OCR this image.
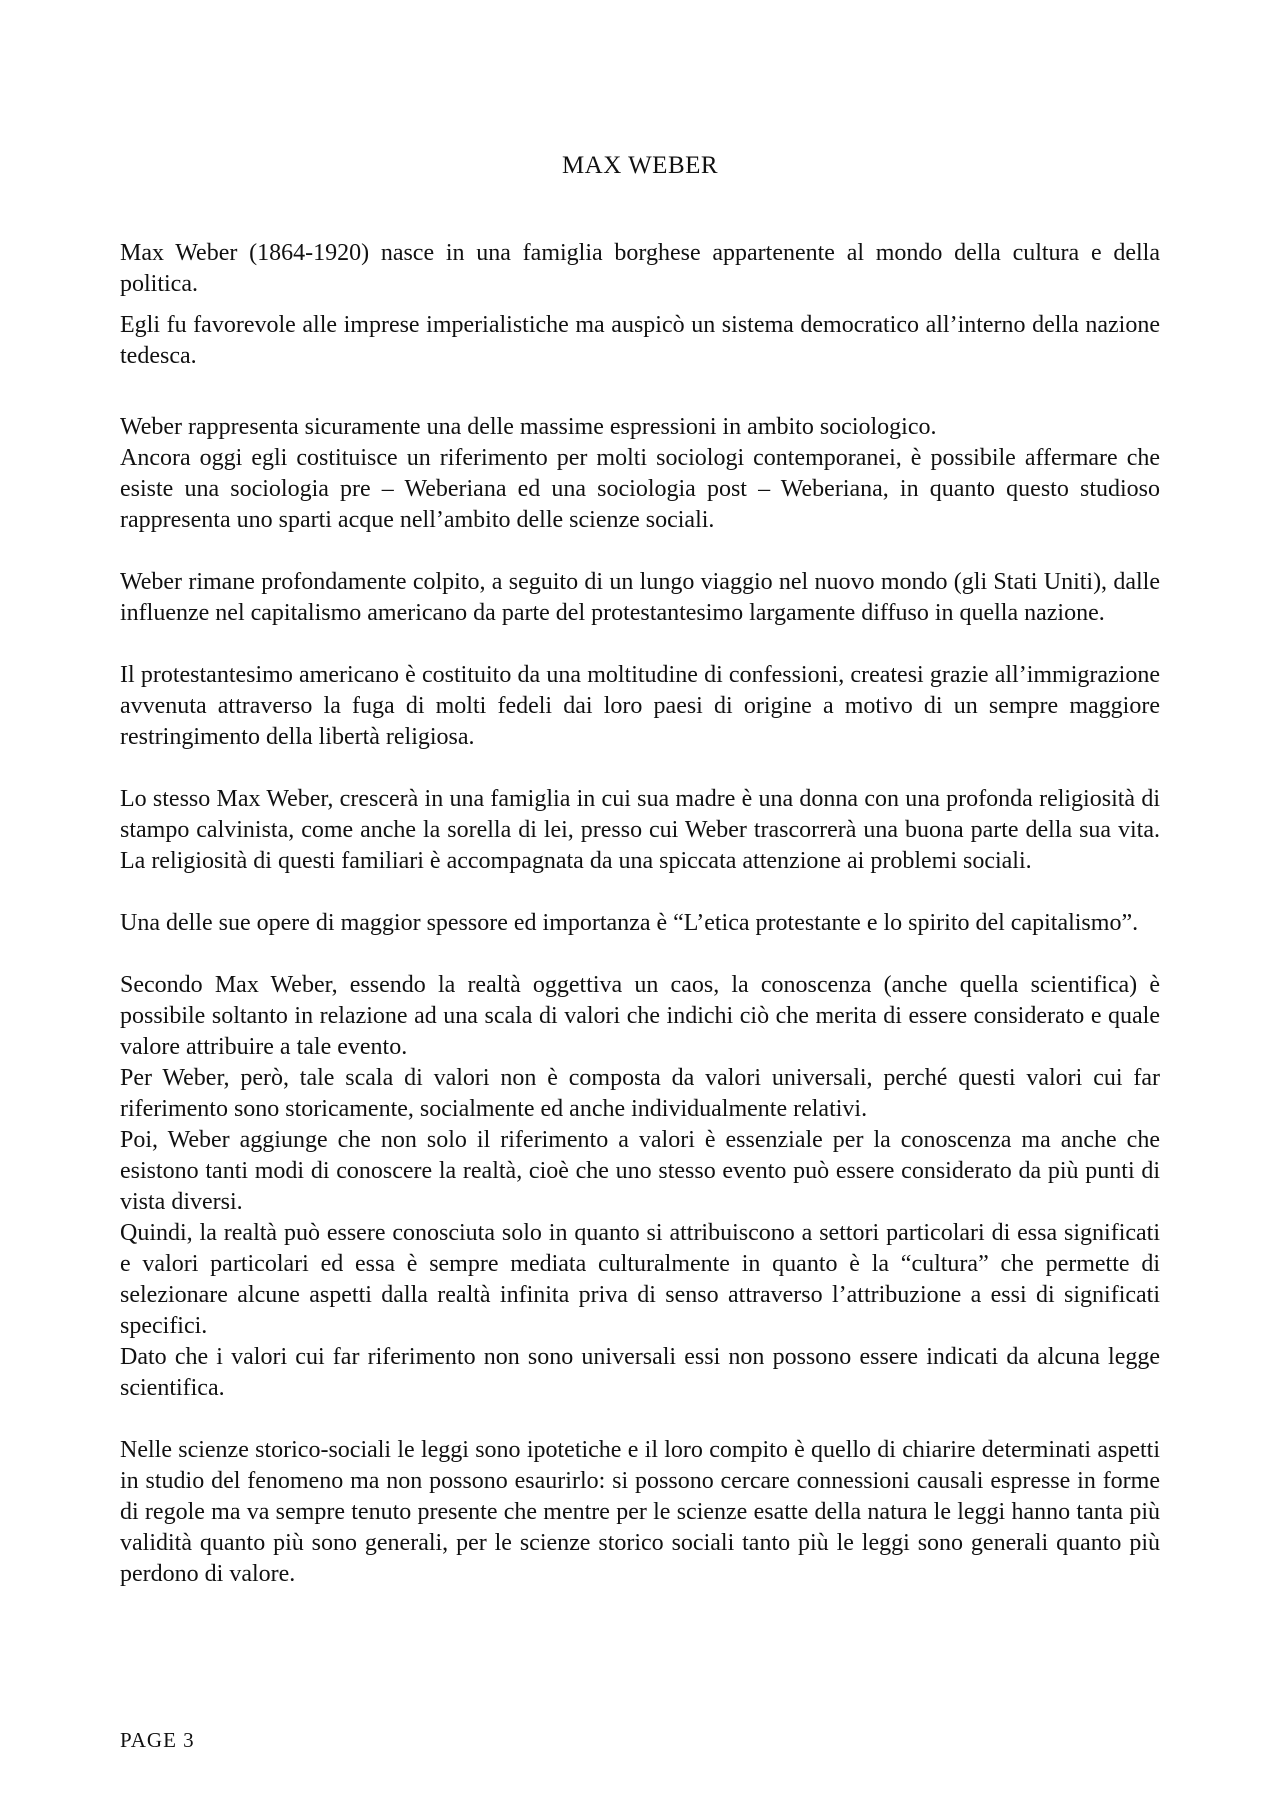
MAX WEBER

Max Weber (1864-1920) nasce in una famiglia borghese appartenente al mondo della cultura e della politica.

Egli fu favorevole alle imprese imperialistiche ma auspicò un sistema democratico all’interno della nazione tedesca.

Weber rappresenta sicuramente una delle massime espressioni in ambito sociologico.

Ancora oggi egli costituisce un riferimento per molti sociologi contemporanei, è possibile affermare che esiste una sociologia pre – Weberiana ed una sociologia post – Weberiana, in quanto questo studioso rappresenta uno sparti acque nell’ambito delle scienze sociali.

Weber rimane profondamente colpito, a seguito di un lungo viaggio nel nuovo mondo (gli Stati Uniti), dalle influenze nel capitalismo americano da parte del protestantesimo largamente diffuso in quella nazione.

Il protestantesimo americano è costituito da una moltitudine di confessioni, createsi grazie all’immigrazione avvenuta attraverso la fuga di molti fedeli dai loro paesi di origine a motivo di un sempre maggiore restringimento della libertà religiosa.

Lo stesso Max Weber, crescerà in una famiglia in cui sua madre è una donna con una profonda religiosità di stampo calvinista, come anche la sorella di lei, presso cui Weber trascorrerà una buona parte della sua vita. La religiosità di questi familiari è accompagnata da una spiccata attenzione ai problemi sociali.

Una delle sue opere di maggior spessore ed importanza è “L’etica protestante e lo spirito del capitalismo”.

Secondo Max Weber, essendo la realtà oggettiva un caos, la conoscenza (anche quella scientifica) è possibile soltanto in relazione ad una scala di valori che indichi ciò che merita di essere considerato e quale valore attribuire a tale evento.

Per Weber, però, tale scala di valori non è composta da valori universali, perché questi valori cui far riferimento sono storicamente, socialmente ed anche individualmente relativi.

Poi, Weber aggiunge che non solo il riferimento a valori è essenziale per la conoscenza ma anche che esistono tanti modi di conoscere la realtà, cioè che uno stesso evento può essere considerato da più punti di vista diversi.

Quindi, la realtà può essere conosciuta solo in quanto si attribuiscono a settori particolari di essa significati e valori particolari ed essa è sempre mediata culturalmente in quanto è la “cultura” che permette di selezionare alcune aspetti dalla realtà infinita priva di senso attraverso l’attribuzione a essi di significati specifici.

Dato che i valori cui far riferimento non sono universali essi non possono essere indicati da alcuna legge scientifica.

Nelle scienze storico-sociali le leggi sono ipotetiche e il loro compito è quello di chiarire determinati aspetti in studio del fenomeno ma non possono esaurirlo: si possono cercare connessioni causali espresse in forme di regole ma va sempre tenuto presente che mentre per le scienze esatte della natura le leggi hanno tanta più validità quanto più sono generali, per le scienze storico sociali tanto più le leggi sono generali quanto più perdono di valore.

PAGE 3
